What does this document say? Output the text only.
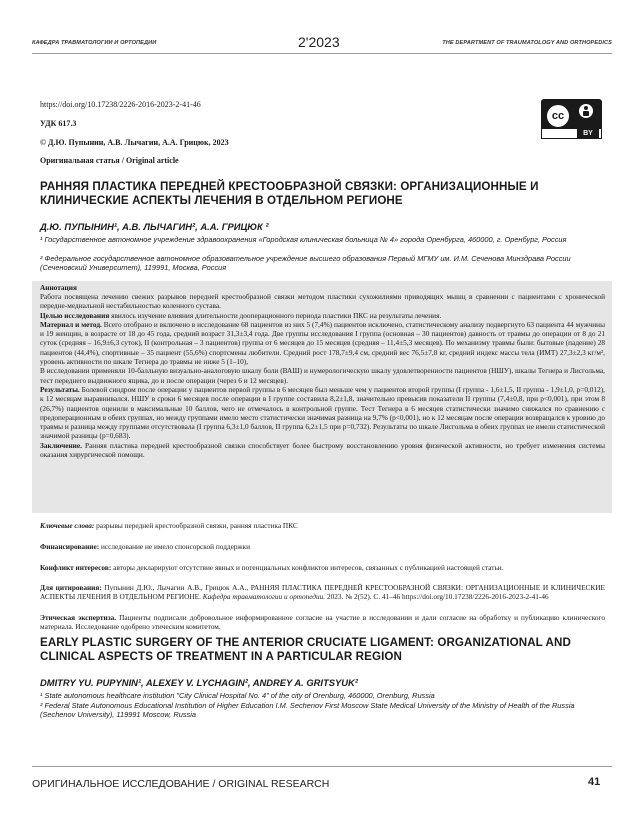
КАФЕДРА ТРАВМАТОЛОГИИ И ОРТОПЕДИИ	2'2023	THE DEPARTMENT OF TRAUMATOLOGY AND ORTHOPEDICS
https://doi.org/10.17238/2226-2016-2023-2-41-46
УДК 617.3
© Д.Ю. Пупынин, А.В. Лычагин, А.А. Грицюк, 2023
Оригинальная статья / Original article
cc
BY
РАННЯЯ ПЛАСТИКА ПЕРЕДНЕЙ КРЕСТООБРАЗНОЙ СВЯЗКИ: ОРГАНИЗАЦИОННЫЕ И
КЛИНИЧЕСКИЕ АСПЕКТЫ ЛЕЧЕНИЯ В ОТДЕЛЬНОМ РЕГИОНЕ
Д.Ю. ПУПЫНИН¹, А.В. ЛЫЧАГИН², А.А. ГРИЦЮК ²
¹ Государственное автономное учреждение здравоохранения «Городская клиническая больница № 4» города Оренбурга, 460000, г. Оренбург, Россия
² Федеральное государственное автономное образовательное учреждение высшего образования Первый МГМУ им. И.М. Сеченова Минздрава России (Сеченовский Университет), 119991, Москва, Россия
Аннотация
Работа посвящена лечению свежих разрывов передней крестообразной связки методом пластики сухожилиями приводящих мышц в сравнении с пациентами с хронической передне-медиальной нестабильностью коленного сустава.
Целью исследования явилось изучение влияния длительности дооперационного периода пластики ПКС на результаты лечения.
Материал и метод. Всего отобрано и включено в исследование 68 пациентов из них 5 (7,4%) пациентов исключено, статистическому анализу подвергнуто 63 пациента 44 мужчины и 19 женщин, в возрасте от 18 до 45 года, средний возраст 31,3±3,4 года. Две группы исследования I группа (основная – 30 пациентов) давность от травмы до операции от 8 до 21 суток (средняя – 16,9±6,3 суток), II (контрольная – 3 пациентов) группа от 6 месяцев до 15 месяцев (средняя – 11,4±5,3 месяцев). По механизму травмы были: бытовые (падение) 28 пациентов (44,4%), спортивные – 35 пациент (55,6%) спортсмены любители. Средний рост 178,7±9,4 см, средний вес 76,5±7,8 кг, средний индекс массы тела (ИМТ) 27,3±2,3 кг/м², уровень активности по шкале Тегнера до травмы не ниже 5 (1–10),
В исследовании применяли 10-балльную визуально-аналоговую шкалу боли (ВАШ) и нумерологическую шкалу удовлетворенности пациентов (НШУ), шкалы Тегнера и Лисгольма, тест переднего выдвижного ящика, до и после операции (через 6 и 12 месяцев).
Результаты. Болевой синдром после операции у пациентов первой группы в 6 месяцев был меньше чем у пациентов второй группы (I группа - 1,6±1,5, II группа - 1,9±1,0, р=0,012), к 12 месяцам выравнивался. НШУ в сроки 6 месяцев после операции в I группе составила 8,2±1,8, значительно превысив показатели II группы (7,4±0,8, при р<0,001), при этом 8 (26,7%) пациентов оценили в максимальные 10 баллов, чего не отмечалось в контрольной группе. Тест Тегнера в 6 месяцев статистически значимо снижался по сравнению с предоперационным в обеих группах, но между группами имело место статистически значимая разница на 9,7% (р<0,001), но к 12 месяцам после операции возвращался к уровню до травмы и разница между группами отсутствовала (I группа 6,3±1,0 баллов, II группа 6,2±1,5 при р=0,732). Результаты по шкале Лисгольма в обеих группах не имели статистической значимой разницы (р=0,683).
Заключение. Ранняя пластика передней крестообразной связки способствует более быстрому восстановлению уровня физической активности, но требует изменения системы оказания хирургической помощи.
Ключевые слова: разрывы передней крестообразной связки, ранняя пластика ПКС
Финансирование: исследование не имело спонсорской поддержки
Конфликт интересов: авторы декларируют отсутствие явных и потенциальных конфликтов интересов, связанных с публикацией настоящей статьи.
Для цитирования: Пупынин Д.Ю., Лычагин А.В., Грицюк А.А., РАННЯЯ ПЛАСТИКА ПЕРЕДНЕЙ КРЕСТООБРАЗНОЙ СВЯЗКИ: ОРГАНИЗАЦИОННЫЕ И КЛИНИЧЕСКИЕ АСПЕКТЫ ЛЕЧЕНИЯ В ОТДЕЛЬНОМ РЕГИОНЕ. Кафедра травматологии и ортопедии. 2023. № 2(52). С. 41–46 https://doi.org/10.17238/2226-2016-2023-2-41-46
Этическая экспертиза. Пациенты подписали добровольное информированное согласие на участие в исследовании и дали согласие на обработку и публикацию клинического материала. Исследование одобрено этическим комитетом.
EARLY PLASTIC SURGERY OF THE ANTERIOR CRUCIATE LIGAMENT: ORGANIZATIONAL AND
CLINICAL ASPECTS OF TREATMENT IN A PARTICULAR REGION
DMITRY YU. PUPYNIN¹, ALEXEY V. LYCHAGIN², ANDREY A. GRITSYUK²
¹ State autonomous healthcare institution "City Clinical Hospital No. 4" of the city of Orenburg, 460000, Orenburg, Russia
² Federal State Autonomous Educational Institution of Higher Education I.M. Sechenov First Moscow State Medical University of the Ministry of Health of the Russia (Sechenov University), 119991 Moscow, Russia
ОРИГИНАЛЬНОЕ ИССЛЕДОВАНИЕ / ORIGINAL RESEARCH	41
